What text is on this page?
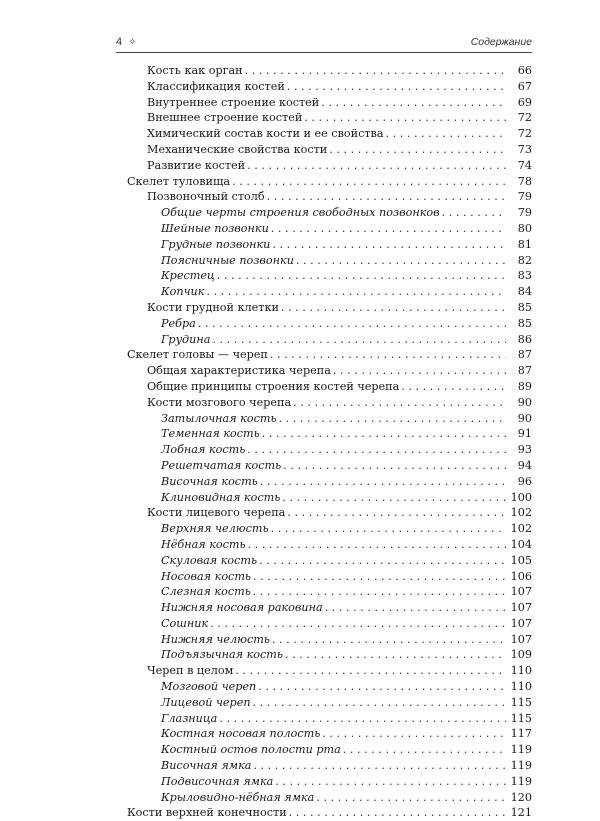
4 ✧	Содержание
Кость как орган . . .	66
Классификация костей . . .	67
Внутреннее строение костей . . .	69
Внешнее строение костей . . .	72
Химический состав кости и ее свойства . . .	72
Механические свойства кости . . .	73
Развитие костей . . .	74
Скелет туловища . . .	78
Позвоночный столб . . .	79
Общие черты строения свободных позвонков . . .	79
Шейные позвонки . . .	80
Грудные позвонки . . .	81
Поясничные позвонки . . .	82
Крестец . . .	83
Копчик . . .	84
Кости грудной клетки . . .	85
Ребра . . .	85
Грудина . . .	86
Скелет головы — череп . . .	87
Общая характеристика черепа . . .	87
Общие принципы строения костей черепа . . .	89
Кости мозгового черепа . . .	90
Затылочная кость . . .	90
Теменная кость . . .	91
Лобная кость . . .	93
Решетчатая кость . . .	94
Височная кость . . .	96
Клиновидная кость . . .	100
Кости лицевого черепа . . .	102
Верхняя челюсть . . .	102
Нёбная кость . . .	104
Скуловая кость . . .	105
Носовая кость . . .	106
Слезная кость . . .	107
Нижняя носовая раковина . . .	107
Сошник . . .	107
Нижняя челюсть . . .	107
Подъязычная кость . . .	109
Череп в целом . . .	110
Мозговой череп . . .	110
Лицевой череп . . .	115
Глазница . . .	115
Костная носовая полость . . .	117
Костный остов полости рта . . .	119
Височная ямка . . .	119
Подвисочная ямка . . .	119
Крыловидно-нёбная ямка . . .	120
Кости верхней конечности . . .	121
